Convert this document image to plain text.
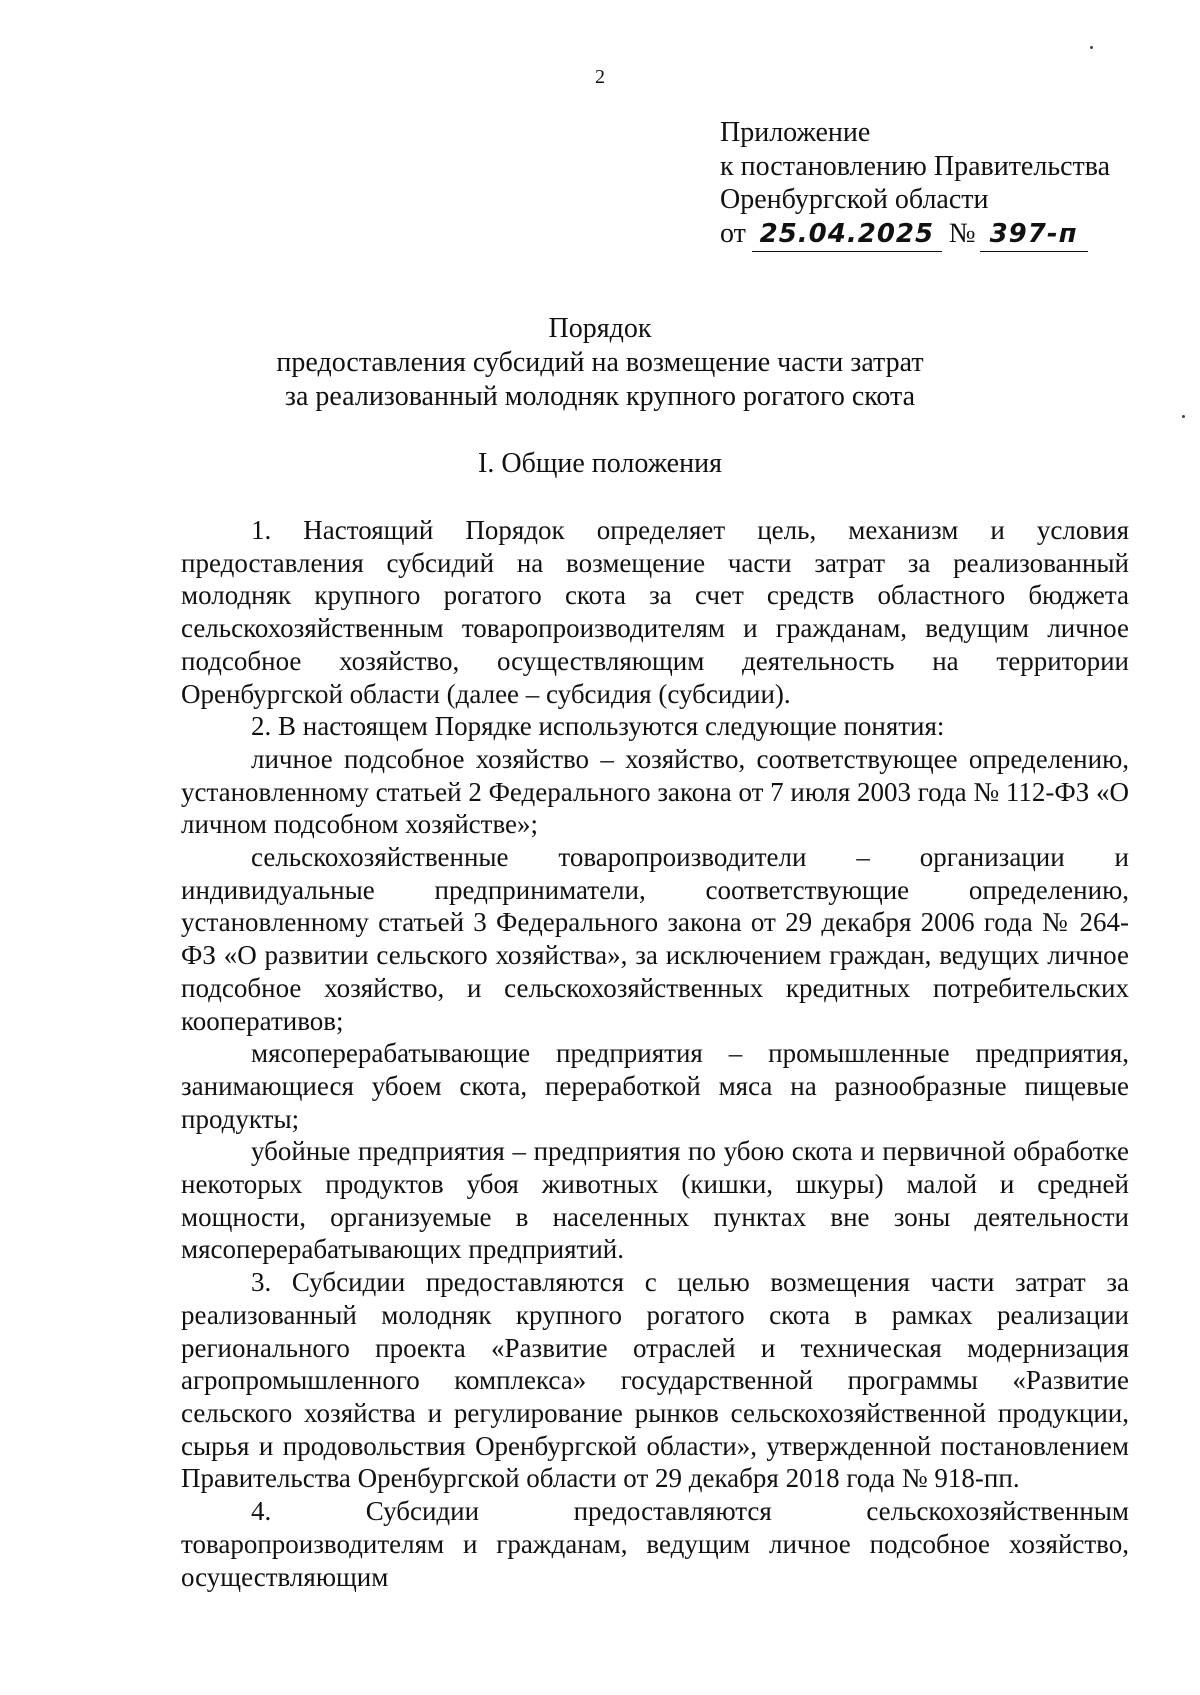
2
Приложение
к постановлению Правительства
Оренбургской области
от 25.04.2025 № 397-п
Порядок
предоставления субсидий на возмещение части затрат
за реализованный молодняк крупного рогатого скота
I. Общие положения

1. Настоящий Порядок определяет цель, механизм и условия предоставления субсидий на возмещение части затрат за реализованный молодняк крупного рогатого скота за счет средств областного бюджета сельскохозяйственным товаропроизводителям и гражданам, ведущим личное подсобное хозяйство, осуществляющим деятельность на территории Оренбургской области (далее – субсидия (субсидии).

2. В настоящем Порядке используются следующие понятия:

личное подсобное хозяйство – хозяйство, соответствующее определению, установленному статьей 2 Федерального закона от 7 июля 2003 года № 112-ФЗ «О личном подсобном хозяйстве»;

сельскохозяйственные товаропроизводители – организации и индивидуальные предприниматели, соответствующие определению, установленному статьей 3 Федерального закона от 29 декабря 2006 года № 264-ФЗ «О развитии сельского хозяйства», за исключением граждан, ведущих личное подсобное хозяйство, и сельскохозяйственных кредитных потребительских кооперативов;

мясоперерабатывающие предприятия – промышленные предприятия, занимающиеся убоем скота, переработкой мяса на разнообразные пищевые продукты;

убойные предприятия – предприятия по убою скота и первичной обработке некоторых продуктов убоя животных (кишки, шкуры) малой и средней мощности, организуемые в населенных пунктах вне зоны деятельности мясоперерабатывающих предприятий.

3. Субсидии предоставляются с целью возмещения части затрат за реализованный молодняк крупного рогатого скота в рамках реализации регионального проекта «Развитие отраслей и техническая модернизация агропромышленного комплекса» государственной программы «Развитие сельского хозяйства и регулирование рынков сельскохозяйственной продукции, сырья и продовольствия Оренбургской области», утвержденной постановлением Правительства Оренбургской области от 29 декабря 2018 года № 918-пп.

4. Субсидии предоставляются сельскохозяйственным товаропроизводителям и гражданам, ведущим личное подсобное хозяйство, осуществляющим
